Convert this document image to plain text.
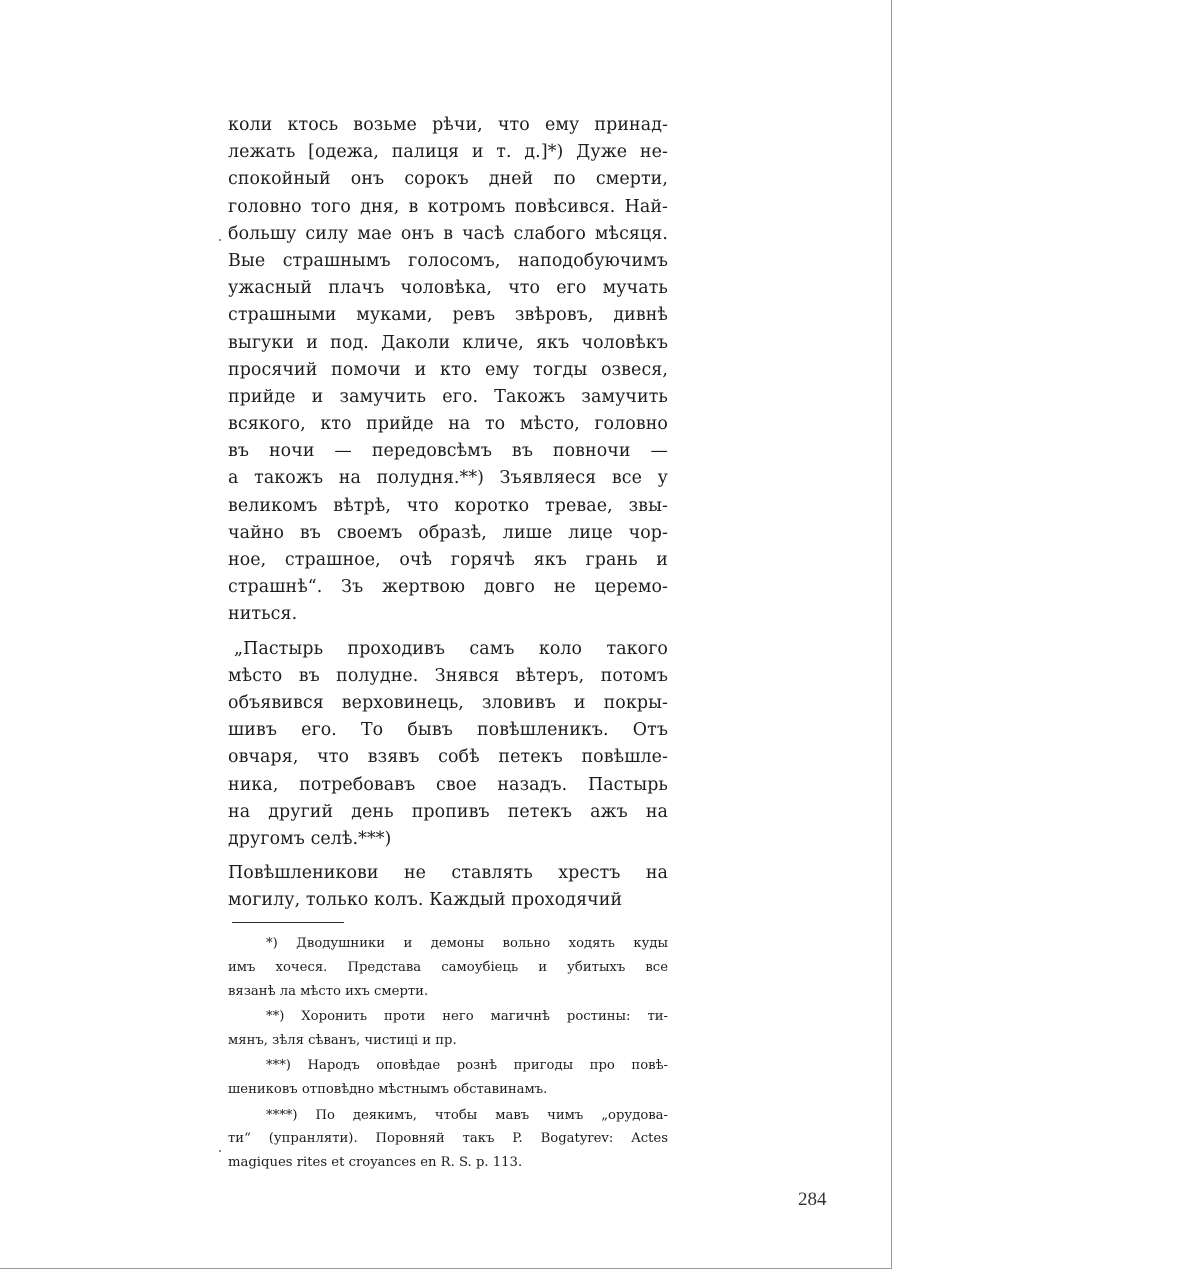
коли ктось возьме рѣчи, что ему принад-
лежать [одежа, палиця и т. д.]*) Дуже не-
спокойный онъ сорокъ дней по смерти,
головно того дня, в котромъ повѣсився. Най-
большу силу мае онъ в часѣ слабого мѣсяця.
Вые страшнымъ голосомъ, наподобуючимъ
ужасный плачъ чоловѣка, что его мучать
страшными муками, ревъ звѣровъ, дивнѣ
выгуки и под. Даколи кличе, якъ чоловѣкъ
просячий помочи и кто ему тогды озвеся,
прийде и замучить его. Такожъ замучить
всякого, кто прийде на то мѣсто, головно
въ ночи — передовсѣмъ въ повночи —
а такожъ на полудня.**) Зъявляеся все у
великомъ вѣтрѣ, что коротко тревае, звы-
чайно въ своемъ образѣ, лише лице чор-
ное, страшное, очѣ горячѣ якъ грань и
страшнѣ“. Зъ жертвою довго не церемо-
ниться.
„Пастырь проходивъ самъ коло такого
мѣсто въ полудне. Знявся вѣтеръ, потомъ
объявився верховинець, зловивъ и покры-
шивъ его. То бывъ повѣшленикъ. Отъ
овчаря, что взявъ собѣ петекъ повѣшле-
ника, потребовавъ свое назадъ. Пастырь
на другий день пропивъ петекъ ажъ на
другомъ селѣ.***)
Повѣшленикови не ставлять хрестъ на
могилу, только колъ. Каждый проходячий
*) Дводушники и демоны вольно ходять куды
имъ хочеся. Представа самоубiець и убитыхъ все
вязанѣ ла мѣсто ихъ смерти.
**) Хоронить проти него магичнѣ ростины: ти-
мянъ, зѣля сѣванъ, чистиці и пр.
***) Народъ оповѣдае рознѣ пригоды про повѣ-
шениковъ отповѣдно мѣстнымъ обставинамъ.
****) По деякимъ, чтобы мавъ чимъ „орудова-
ти“ (упранляти). Поровняй такъ P. Bogatyrev: Actes
magiques rites et croyances en R. S. p. 113.
284
